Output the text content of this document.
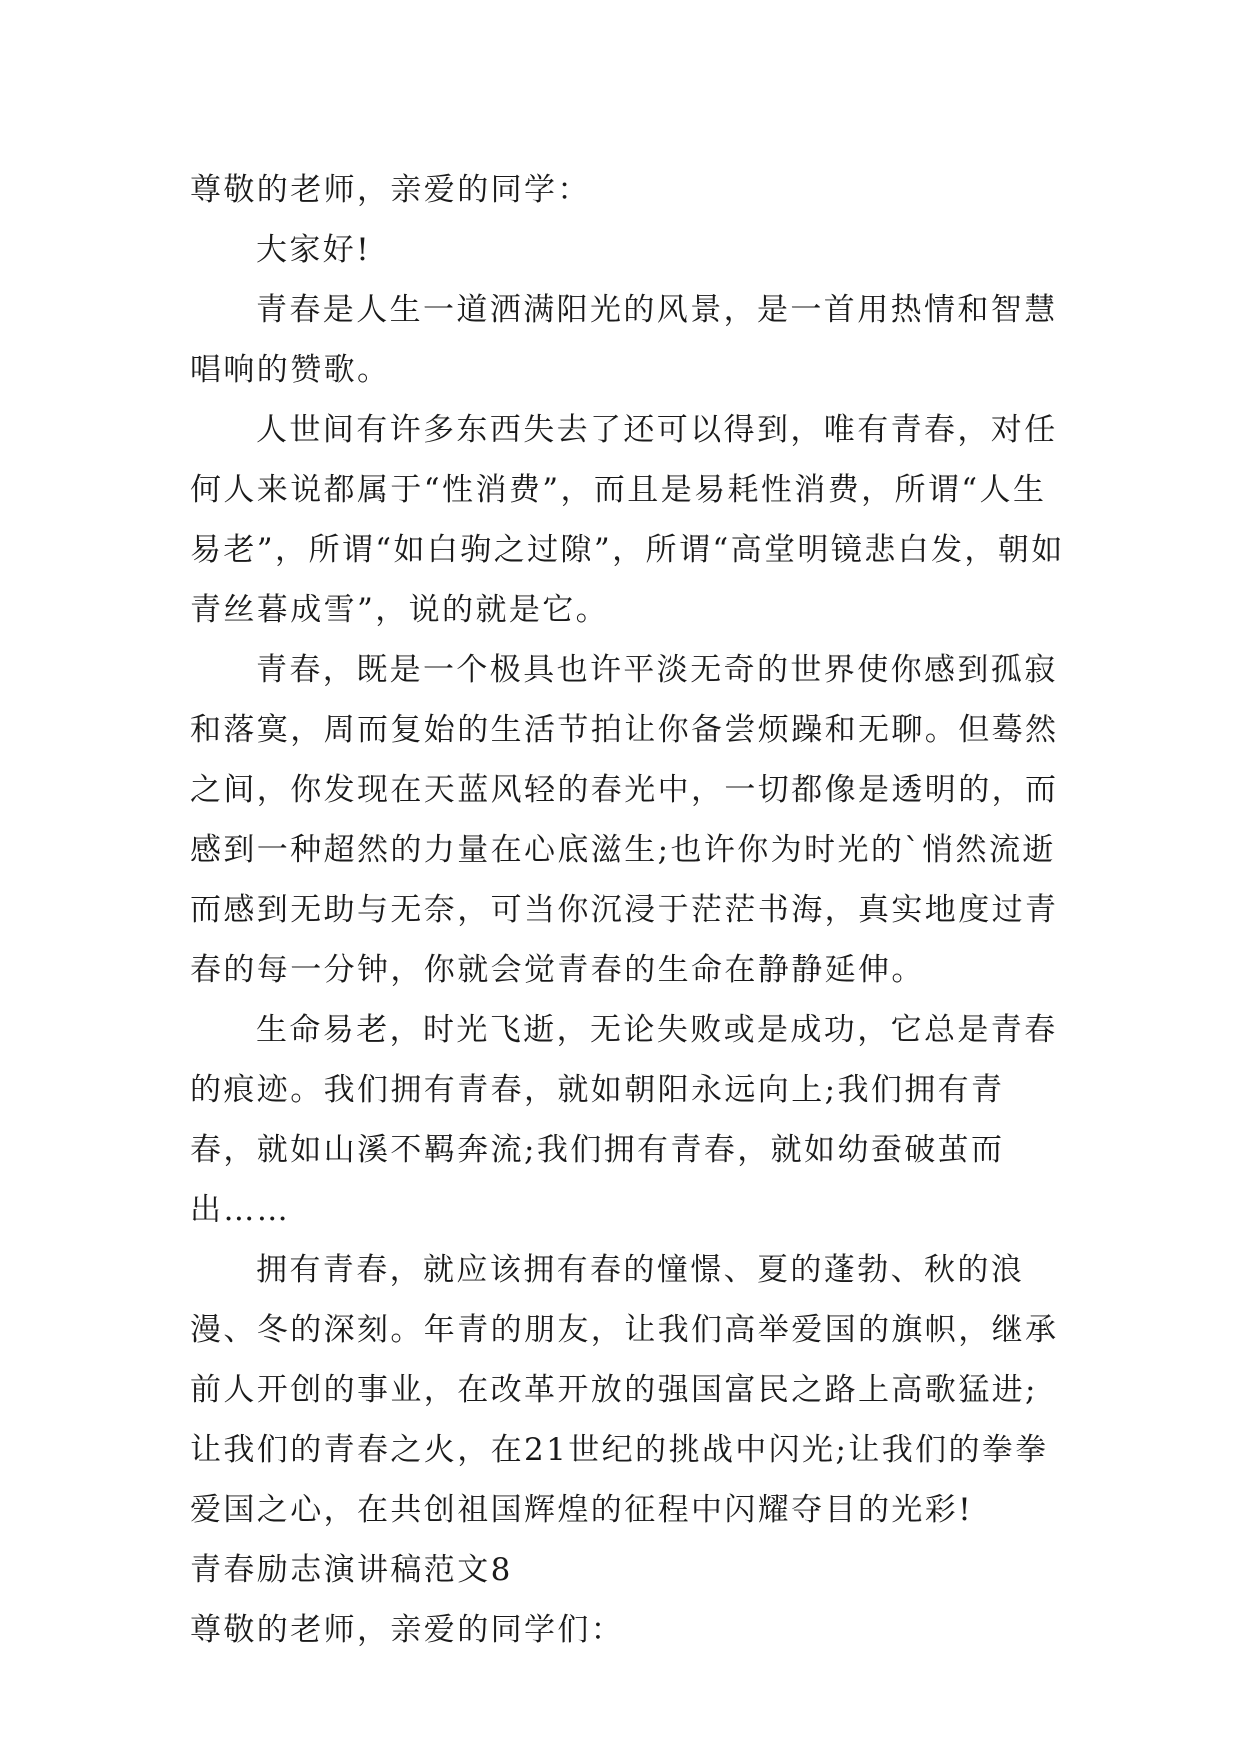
尊敬的老师，亲爱的同学：

大家好!

青春是人生一道洒满阳光的风景，是一首用热情和智慧唱响的赞歌。

人世间有许多东西失去了还可以得到，唯有青春，对任何人来说都属于“性消费”，而且是易耗性消费，所谓“人生易老”，所谓“如白驹之过隙”，所谓“高堂明镜悲白发，朝如青丝暮成雪”，说的就是它。

青春，既是一个极具也许平淡无奇的世界使你感到孤寂和落寞，周而复始的生活节拍让你备尝烦躁和无聊。但蓦然之间，你发现在天蓝风轻的春光中，一切都像是透明的，而感到一种超然的力量在心底滋生;也许你为时光的`悄然流逝而感到无助与无奈，可当你沉浸于茫茫书海，真实地度过青春的每一分钟，你就会觉青春的生命在静静延伸。

生命易老，时光飞逝，无论失败或是成功，它总是青春的痕迹。我们拥有青春，就如朝阳永远向上;我们拥有青春，就如山溪不羁奔流;我们拥有青春，就如幼蚕破茧而出……

拥有青春，就应该拥有春的憧憬、夏的蓬勃、秋的浪漫、冬的深刻。年青的朋友，让我们高举爱国的旗帜，继承前人开创的事业，在改革开放的强国富民之路上高歌猛进;让我们的青春之火，在21世纪的挑战中闪光;让我们的拳拳爱国之心，在共创祖国辉煌的征程中闪耀夺目的光彩!

青春励志演讲稿范文8

尊敬的老师，亲爱的同学们：
